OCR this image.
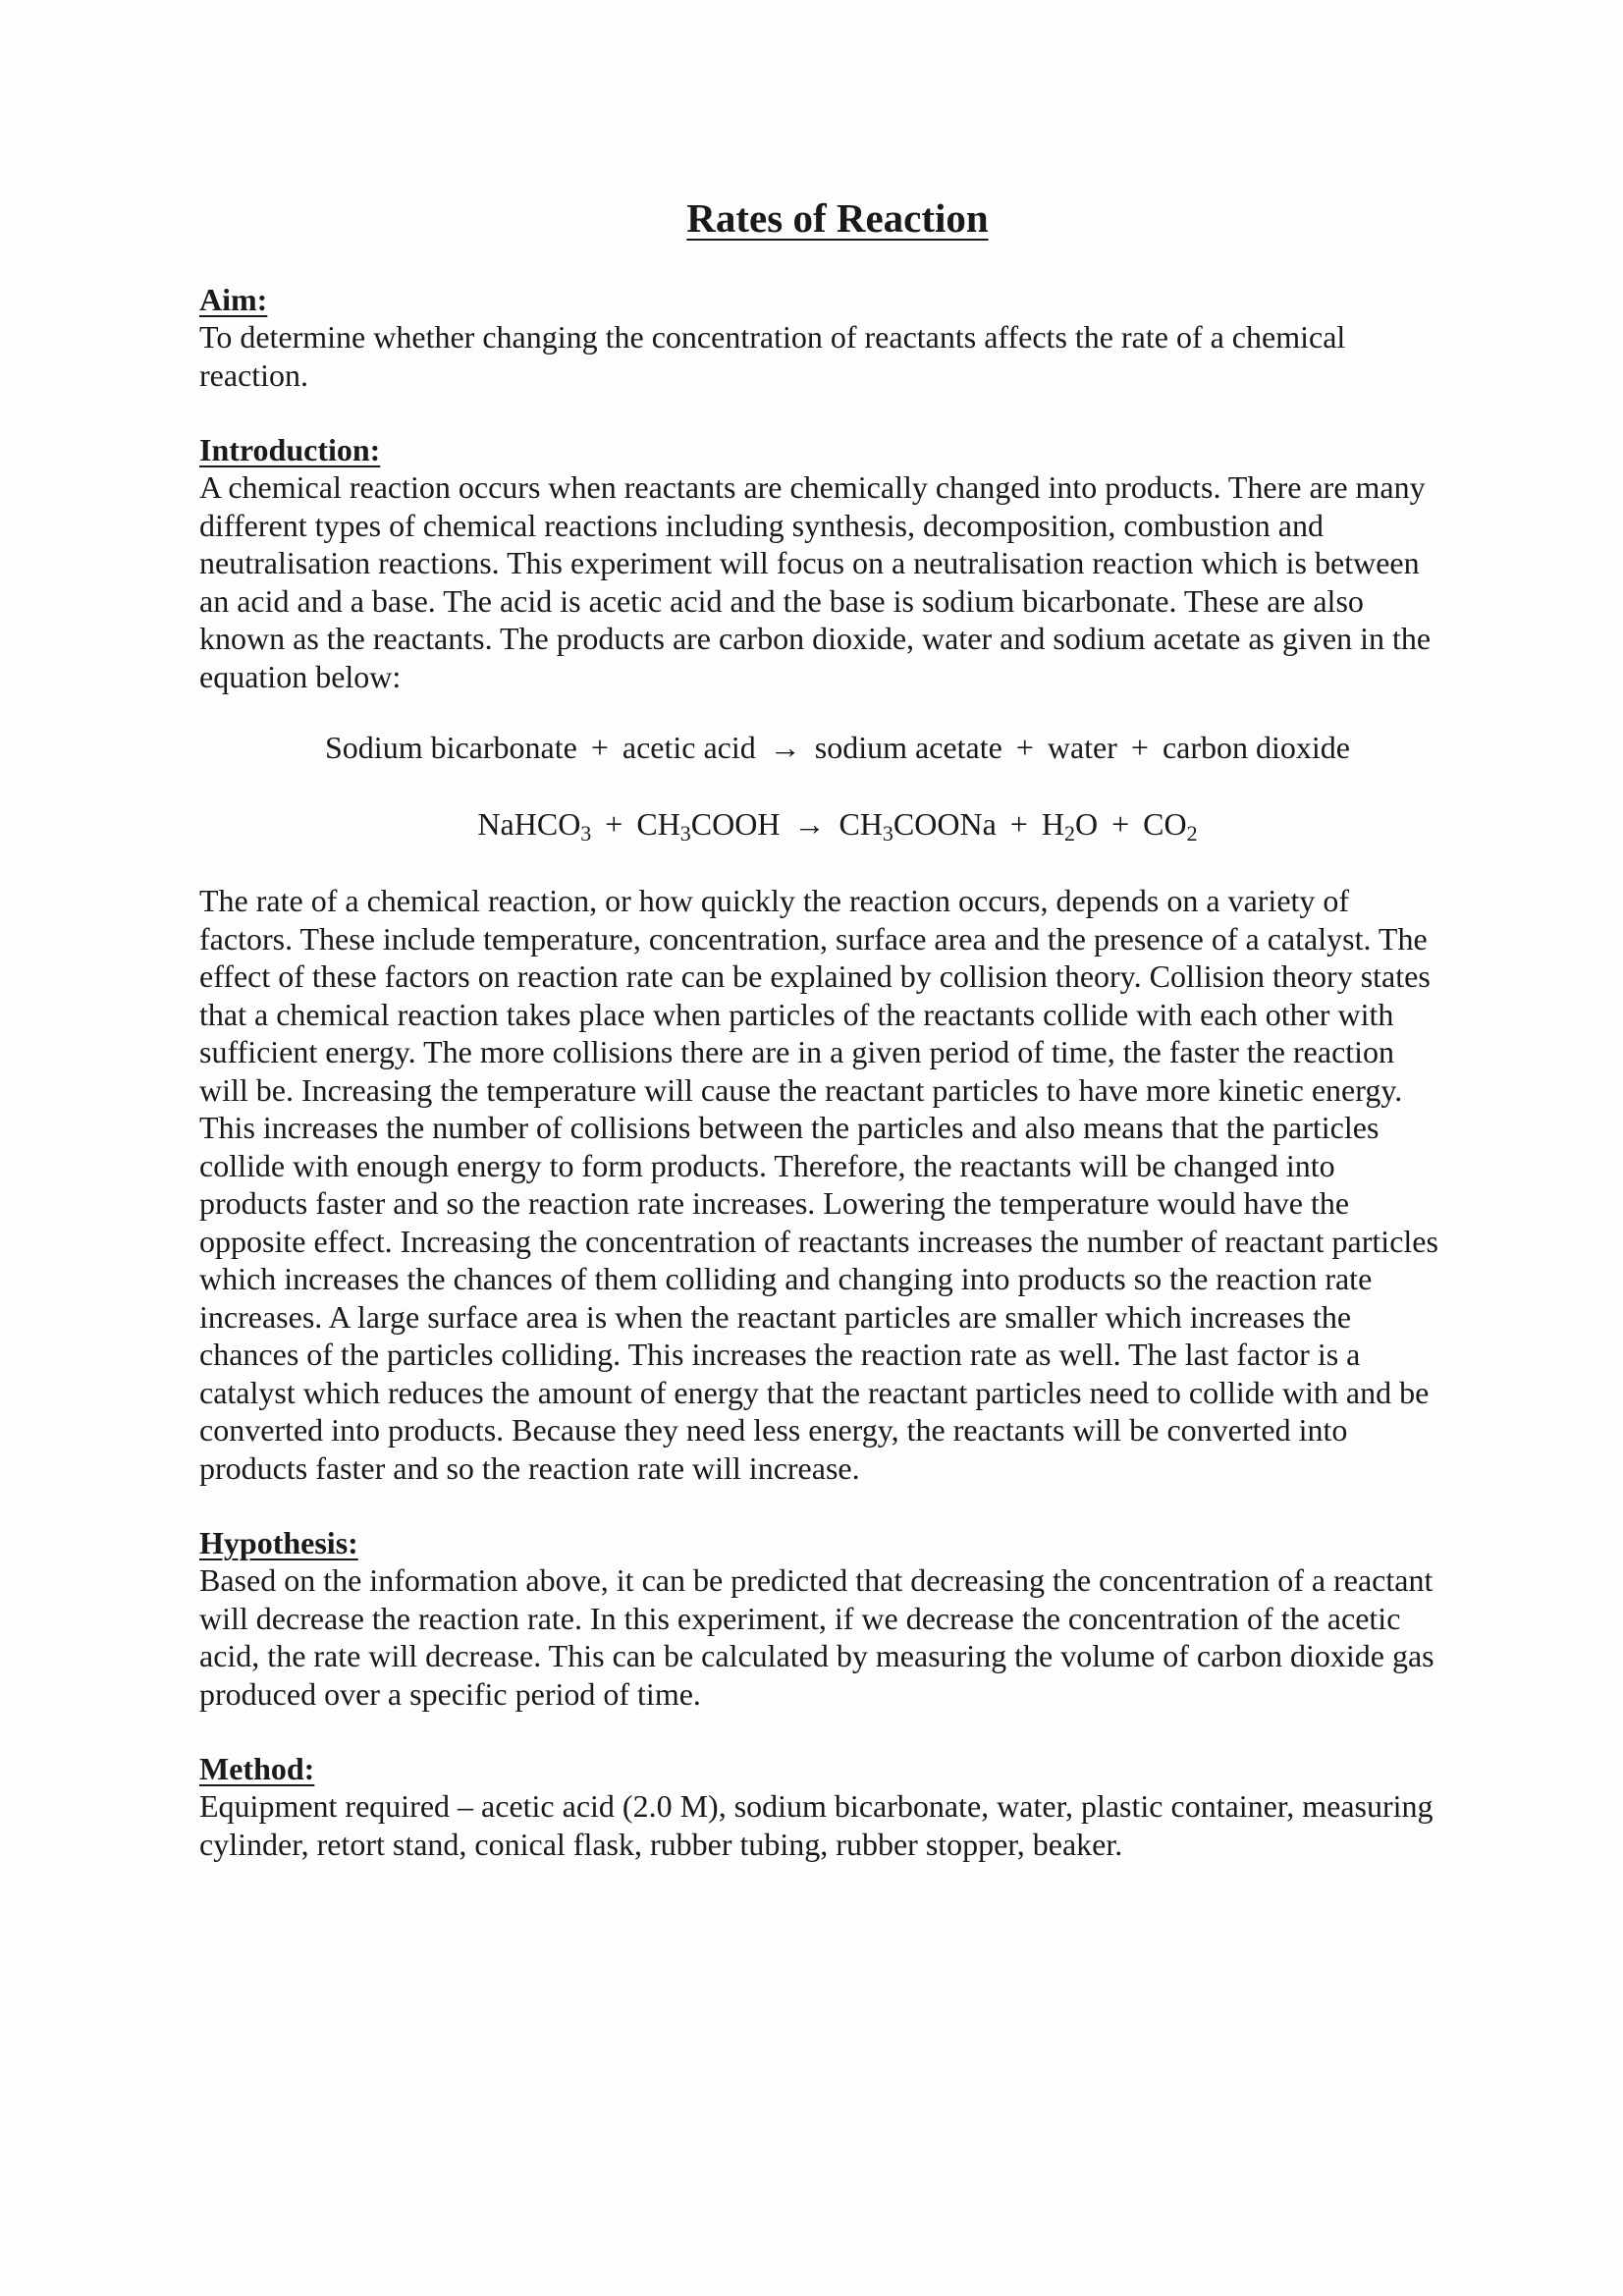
Rates of Reaction

Aim:

To determine whether changing the concentration of reactants affects the rate of a chemical reaction.

Introduction:

A chemical reaction occurs when reactants are chemically changed into products. There are many different types of chemical reactions including synthesis, decomposition, combustion and neutralisation reactions. This experiment will focus on a neutralisation reaction which is between an acid and a base. The acid is acetic acid and the base is sodium bicarbonate. These are also known as the reactants. The products are carbon dioxide, water and sodium acetate as given in the equation below:

Sodium bicarbonate + acetic acid → sodium acetate + water + carbon dioxide

NaHCO$_3$ + $CH_3COOH$ → $CH_3COONa + H_2O + CO_2$

The rate of a chemical reaction, or how quickly the reaction occurs, depends on a variety of factors. These include temperature, concentration, surface area and the presence of a catalyst. The effect of these factors on reaction rate can be explained by collision theory. Collision theory states that a chemical reaction takes place when particles of the reactants collide with each other with sufficient energy. The more collisions there are in a given period of time, the faster the reaction will be. Increasing the temperature will cause the reactant particles to have more kinetic energy. This increases the number of collisions between the particles and also means that the particles collide with enough energy to form products. Therefore, the reactants will be changed into products faster and so the reaction rate increases. Lowering the temperature would have the opposite effect. Increasing the concentration of reactants increases the number of reactant particles which increases the chances of them colliding and changing into products so the reaction rate increases. A large surface area is when the reactant particles are smaller which increases the chances of the particles colliding. This increases the reaction rate as well. The last factor is a catalyst which reduces the amount of energy that the reactant particles need to collide with and be converted into products. Because they need less energy, the reactants will be converted into products faster and so the reaction rate will increase.

Hypothesis:

Based on the information above, it can be predicted that decreasing the concentration of a reactant will decrease the reaction rate. In this experiment, if we decrease the concentration of the acetic acid, the rate will decrease. This can be calculated by measuring the volume of carbon dioxide gas produced over a specific period of time.

Method:

Equipment required – acetic acid (2.0 M), sodium bicarbonate, water, plastic container, measuring cylinder, retort stand, conical flask, rubber tubing, rubber stopper, beaker.
